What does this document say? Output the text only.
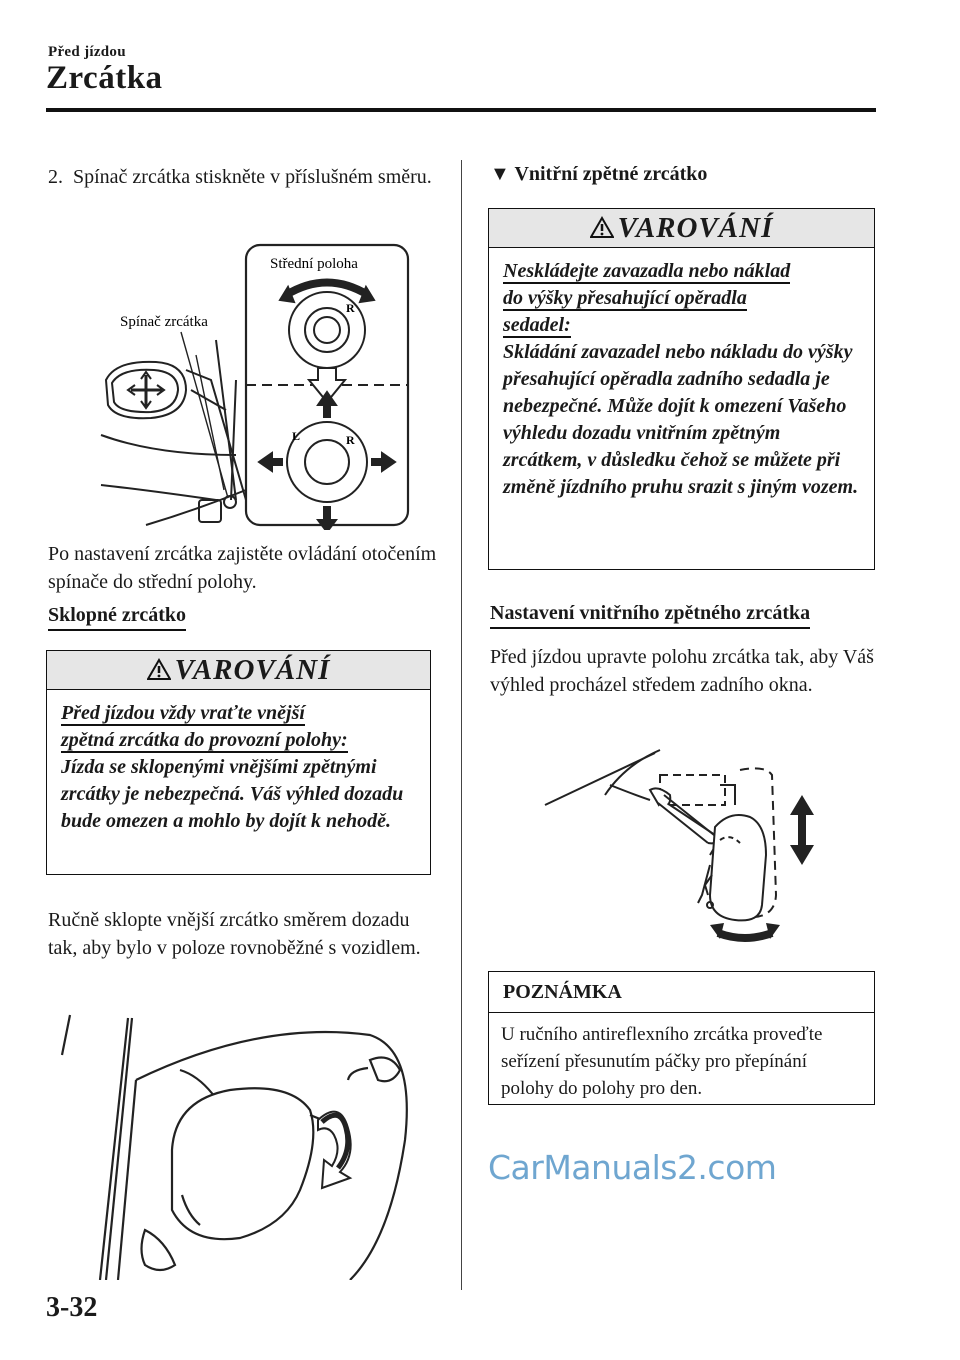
Před jízdou
Zrcátka
2.  Spínač zrcátka stiskněte v příslušném směru.
Střední poloha
Spínač zrcátka
R
R
L
Po nastavení zrcátka zajistěte ovládání otočením spínače do střední polohy.
Sklopné zrcátko
VAROVÁNÍ
Před jízdou vždy vraťte vnější
zpětná zrcátka do provozní polohy:
Jízda se sklopenými vnějšími zpětnými zrcátky je nebezpečná. Váš výhled dozadu bude omezen a mohlo by dojít k nehodě.
Ručně sklopte vnější zrcátko směrem dozadu tak, aby bylo v poloze rovnoběžné s vozidlem.
▼ Vnitřní zpětné zrcátko
VAROVÁNÍ
Neskládejte zavazadla nebo náklad
do výšky přesahující opěradla
sedadel:
Skládání zavazadel nebo nákladu do výšky přesahující opěradla zadního sedadla je nebezpečné. Může dojít k omezení Vašeho výhledu dozadu vnitřním zpětným zrcátkem, v důsledku čehož se můžete při změně jízdního pruhu srazit s jiným vozem.
Nastavení vnitřního zpětného zrcátka
Před jízdou upravte polohu zrcátka tak, aby Váš výhled procházel středem zadního okna.
POZNÁMKA
U ručního antireflexního zrcátka proveďte seřízení přesunutím páčky pro přepínání polohy do polohy pro den.
CarManuals2.com
3-32
